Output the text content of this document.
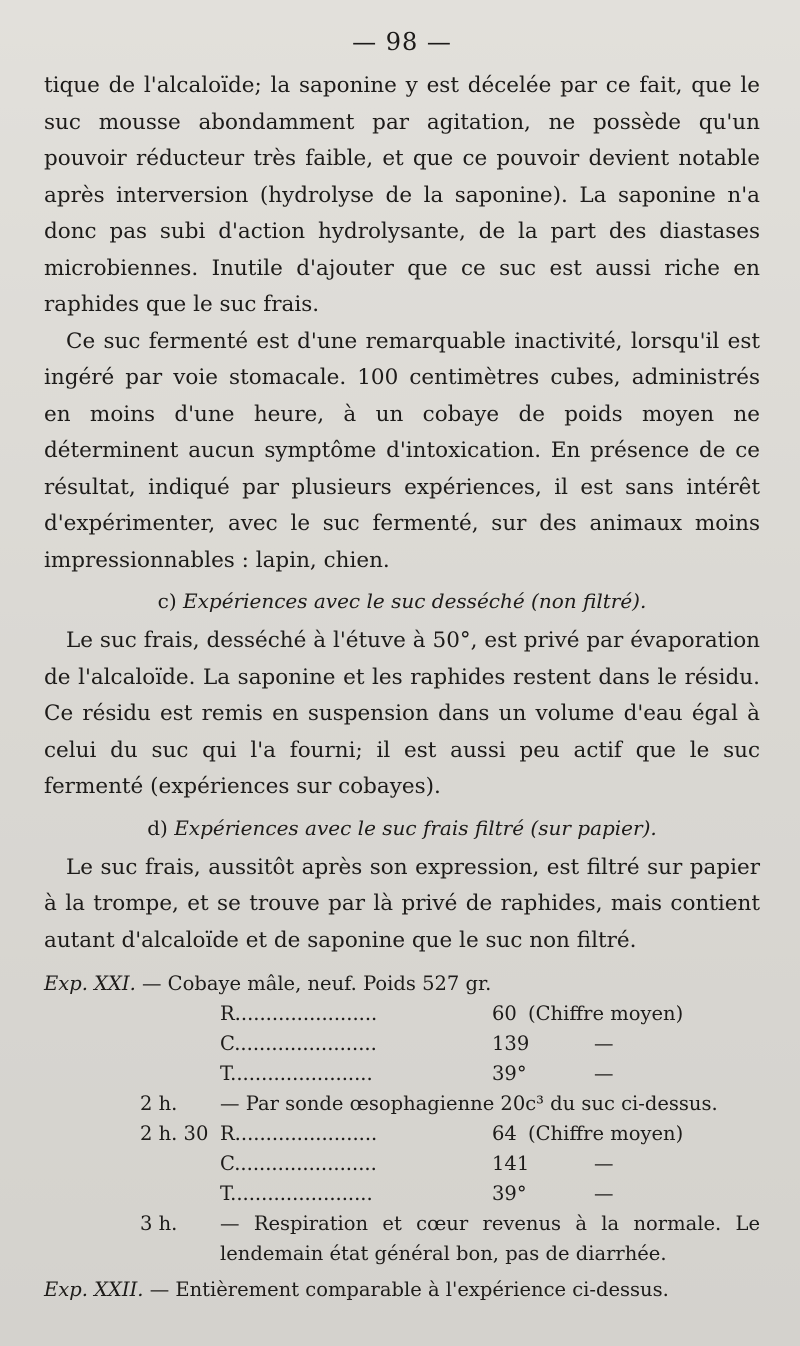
— 98 —

tique de l'alcaloïde; la saponine y est décelée par ce fait, que le suc mousse abondamment par agitation, ne possède qu'un pouvoir réducteur très faible, et que ce pouvoir devient notable après interversion (hydrolyse de la saponine). La saponine n'a donc pas subi d'action hydrolysante, de la part des diastases microbiennes. Inutile d'ajouter que ce suc est aussi riche en raphides que le suc frais.

Ce suc fermenté est d'une remarquable inactivité, lorsqu'il est ingéré par voie stomacale. 100 centimètres cubes, administrés en moins d'une heure, à un cobaye de poids moyen ne déterminent aucun symptôme d'intoxication. En présence de ce résultat, indiqué par plusieurs expériences, il est sans intérêt d'expérimenter, avec le suc fermenté, sur des animaux moins impressionnables : lapin, chien.

c) Expériences avec le suc desséché (non filtré).

Le suc frais, desséché à l'étuve à 50°, est privé par évaporation de l'alcaloïde. La saponine et les raphides restent dans le résidu. Ce résidu est remis en suspension dans un volume d'eau égal à celui du suc qui l'a fourni; il est aussi peu actif que le suc fermenté (expériences sur cobayes).

d) Expériences avec le suc frais filtré (sur papier).

Le suc frais, aussitôt après son expression, est filtré sur papier à la trompe, et se trouve par là privé de raphides, mais contient autant d'alcaloïde et de saponine que le suc non filtré.

Exp. XXI. — Cobaye mâle, neuf. Poids 527 gr.
R.......................	60 (Chiffre moyen)
C.......................	139	—
T.......................	39°	—
2 h. — Par sonde œsophagienne 20c³ du suc ci-dessus.
2 h. 30 R.......................	64 (Chiffre moyen)
C.......................	141	—
T.......................	39°	—
3 h. — Respiration et cœur revenus à la normale. Le lendemain état général bon, pas de diarrhée.
Exp. XXII. — Entièrement comparable à l'expérience ci-dessus.
